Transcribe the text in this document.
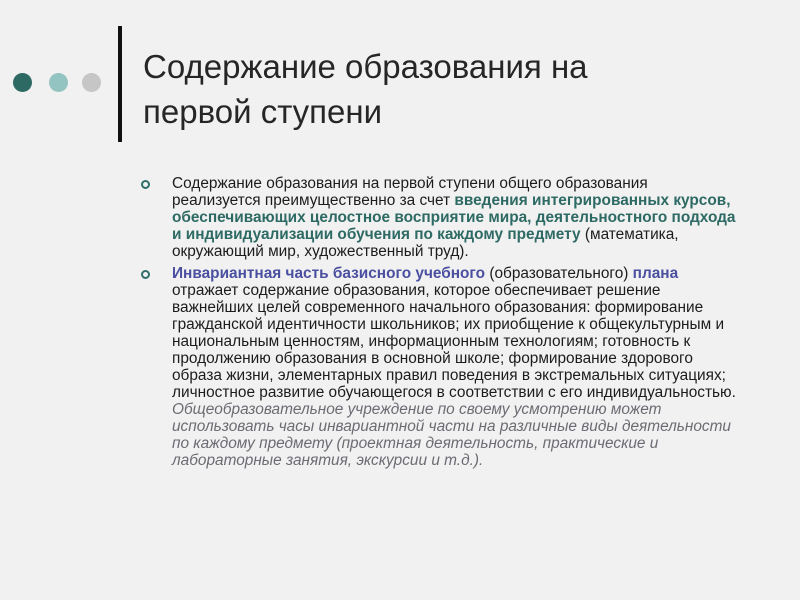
Содержание образования на
первой ступени
Содержание образования на первой ступени общего образования реализуется преимущественно за счет введения интегрированных курсов, обеспечивающих целостное восприятие мира, деятельностного подхода и индивидуализации обучения по каждому предмету (математика, окружающий мир, художественный труд).
Инвариантная часть базисного учебного (образовательного) плана отражает содержание образования, которое обеспечивает решение важнейших целей современного начального образования: формирование гражданской идентичности школьников; их приобщение к общекультурным и национальным ценностям, информационным технологиям; готовность к продолжению образования в основной школе; формирование здорового образа жизни, элементарных правил поведения в экстремальных ситуациях; личностное развитие обучающегося в соответствии с его индивидуальностью. Общеобразовательное учреждение по своему усмотрению может использовать часы инвариантной части на различные виды деятельности по каждому предмету (проектная деятельность, практические и лабораторные занятия, экскурсии и т.д.).
